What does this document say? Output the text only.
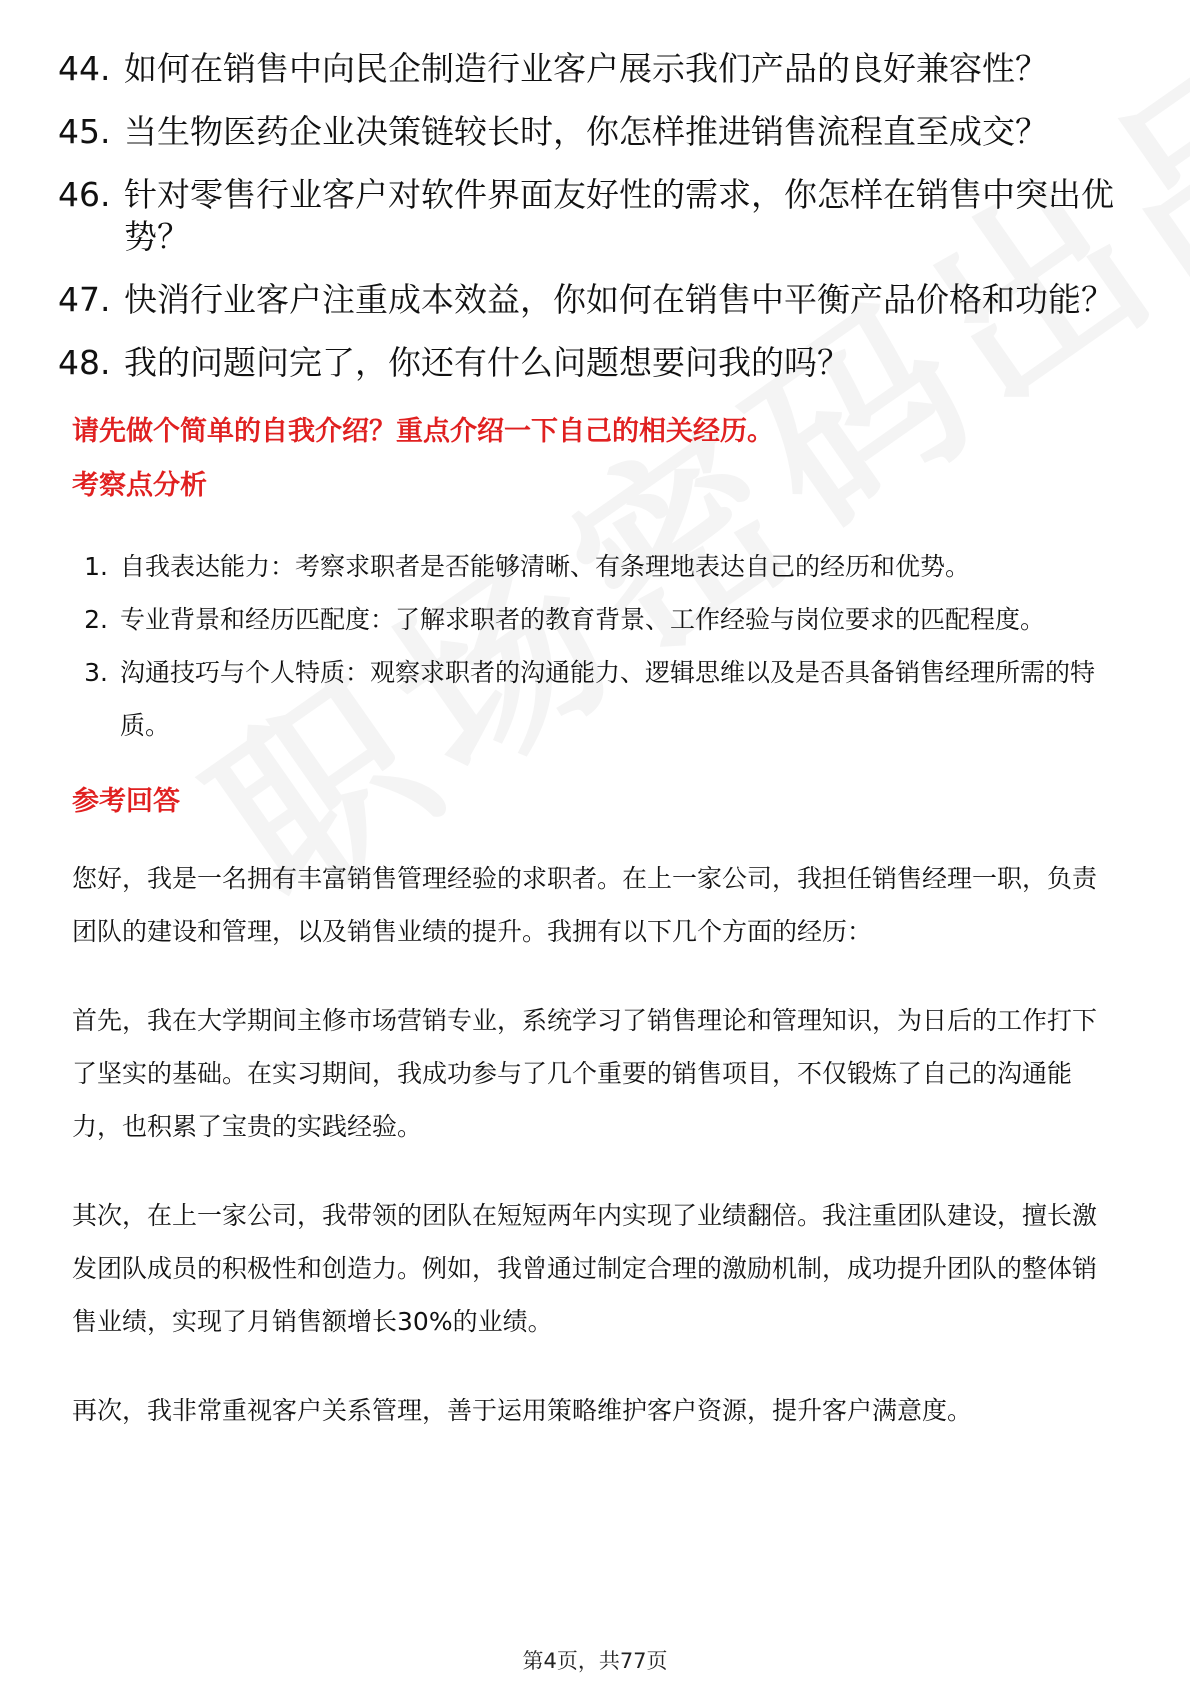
44. 如何在销售中向民企制造行业客户展示我们产品的良好兼容性？
45. 当生物医药企业决策链较长时，你怎样推进销售流程直至成交？
46. 针对零售行业客户对软件界面友好性的需求，你怎样在销售中突出优势？
47. 快消行业客户注重成本效益，你如何在销售中平衡产品价格和功能？
48. 我的问题问完了，你还有什么问题想要问我的吗？
请先做个简单的自我介绍？重点介绍一下自己的相关经历。
考察点分析
1. 自我表达能力：考察求职者是否能够清晰、有条理地表达自己的经历和优势。
2. 专业背景和经历匹配度：了解求职者的教育背景、工作经验与岗位要求的匹配程度。
3. 沟通技巧与个人特质：观察求职者的沟通能力、逻辑思维以及是否具备销售经理所需的特质。
参考回答

您好，我是一名拥有丰富销售管理经验的求职者。在上一家公司，我担任销售经理一职，负责团队的建设和管理，以及销售业绩的提升。我拥有以下几个方面的经历：

首先，我在大学期间主修市场营销专业，系统学习了销售理论和管理知识，为日后的工作打下了坚实的基础。在实习期间，我成功参与了几个重要的销售项目，不仅锻炼了自己的沟通能力，也积累了宝贵的实践经验。

其次，在上一家公司，我带领的团队在短短两年内实现了业绩翻倍。我注重团队建设，擅长激发团队成员的积极性和创造力。例如，我曾通过制定合理的激励机制，成功提升团队的整体销售业绩，实现了月销售额增长30%的业绩。

再次，我非常重视客户关系管理，善于运用策略维护客户资源，提升客户满意度。

第4页，共77页
